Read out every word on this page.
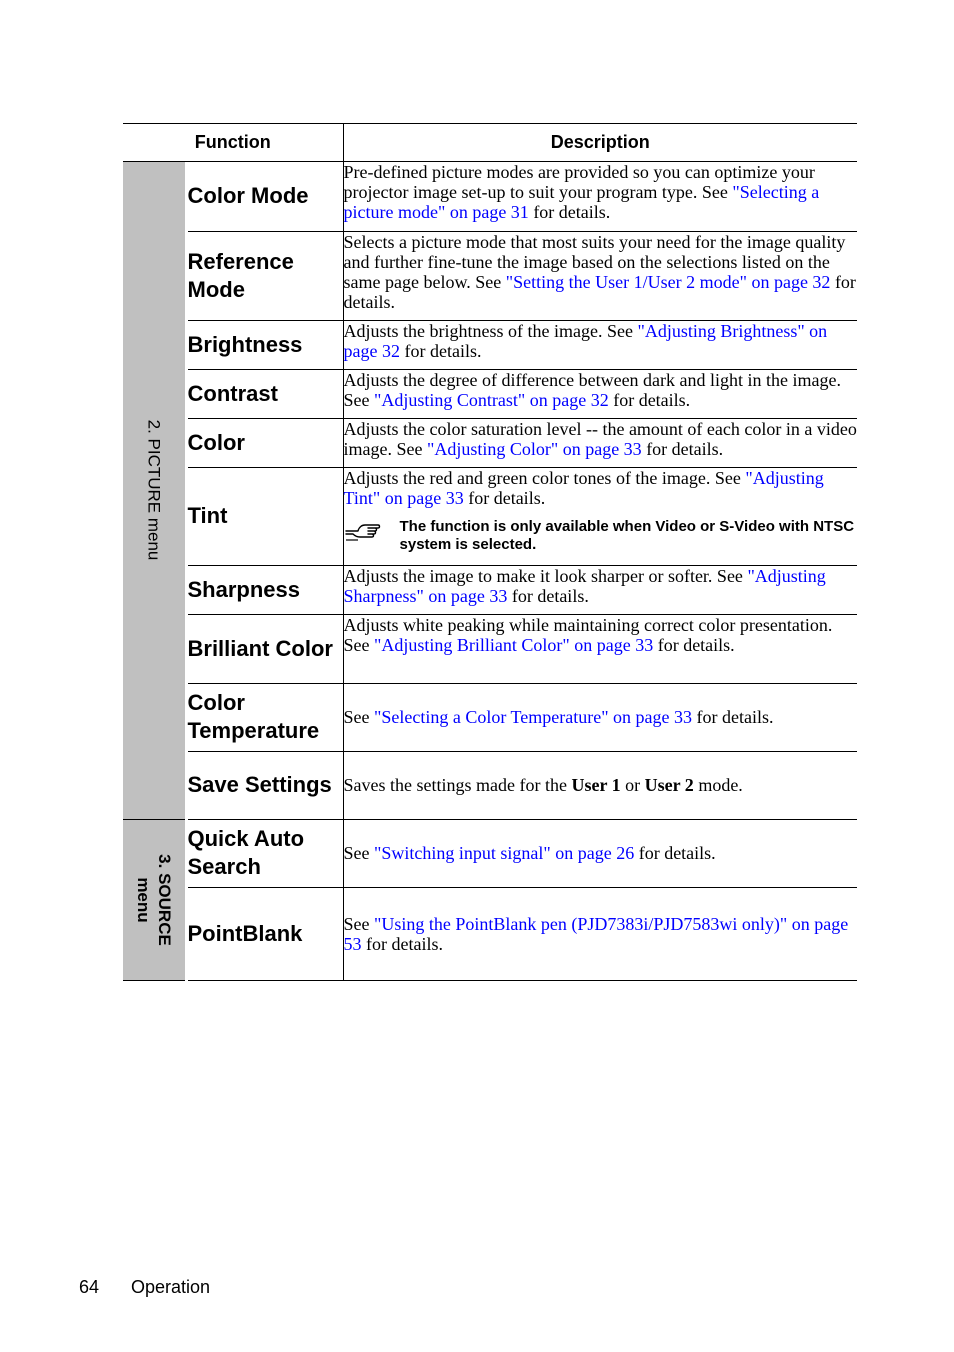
Function		Description

2. PICTURE menu	Color Mode	Pre-defined picture modes are provided so you can optimize your projector image set-up to suit your program type. See "Selecting a picture mode" on page 31 for details.
	Reference Mode	Selects a picture mode that most suits your need for the image quality and further fine-tune the image based on the selections listed on the same page below. See "Setting the User 1/User 2 mode" on page 32 for details.
	Brightness	Adjusts the brightness of the image. See "Adjusting Brightness" on page 32 for details.
	Contrast	Adjusts the degree of difference between dark and light in the image. See "Adjusting Contrast" on page 32 for details.
	Color	Adjusts the color saturation level -- the amount of each color in a video image. See "Adjusting Color" on page 33 for details.
	Tint	Adjusts the red and green color tones of the image. See "Adjusting Tint" on page 33 for details.
The function is only available when Video or S-Video with NTSC system is selected.

	Sharpness	Adjusts the image to make it look sharper or softer. See "Adjusting Sharpness" on page 33 for details.
	Brilliant Color	Adjusts white peaking while maintaining correct color presentation. See "Adjusting Brilliant Color" on page 33 for details.
	Color Temperature	See "Selecting a Color Temperature" on page 33 for details.
	Save Settings	Saves the settings made for the User 1 or User 2 mode.

3. SOURCE
menu	Quick Auto Search	See "Switching input signal" on page 26 for details.
	PointBlank	See "Using the PointBlank pen (PJD7383i/PJD7583wi only)" on page 53 for details.
64 Operation
